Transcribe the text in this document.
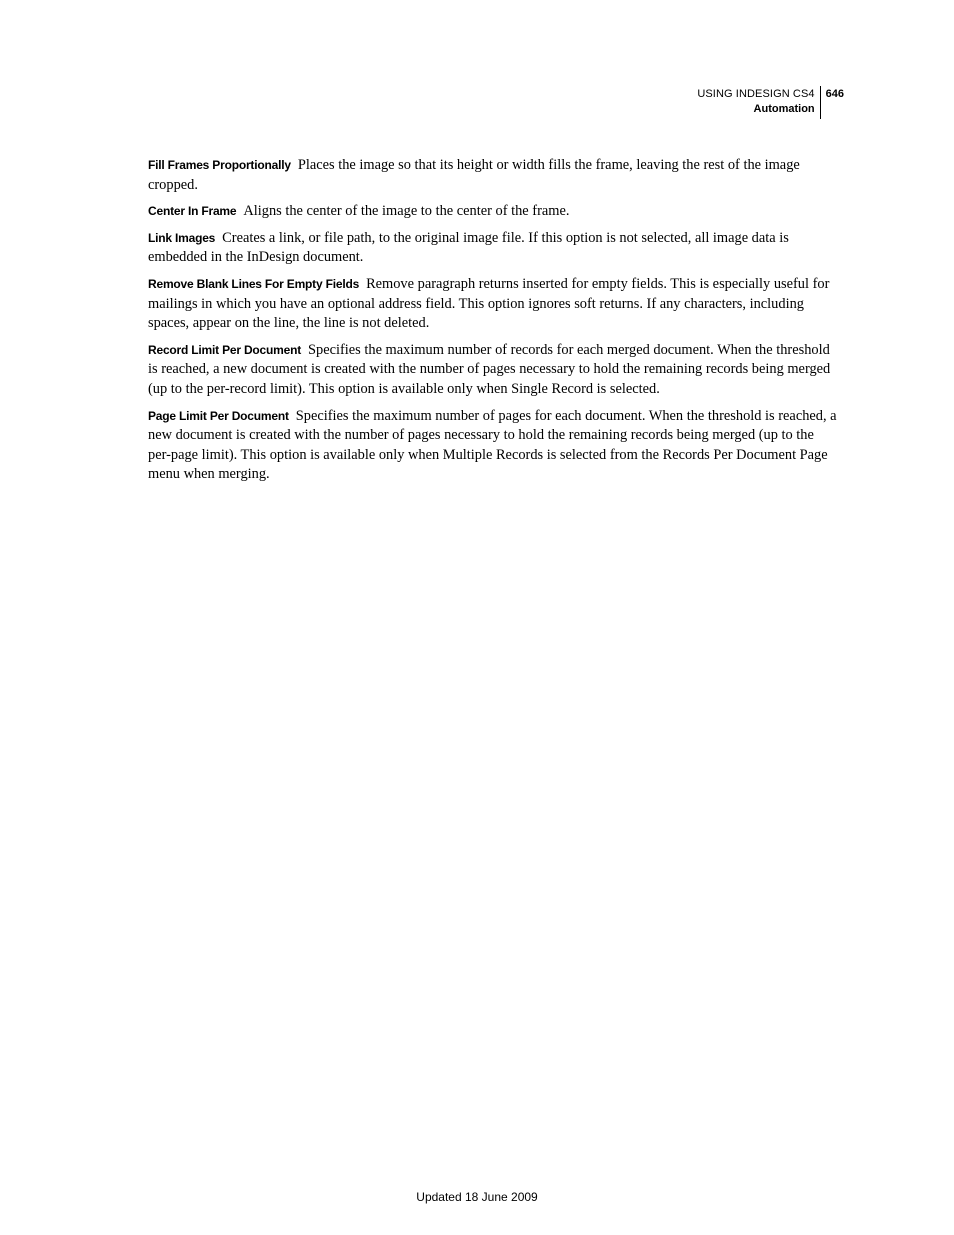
USING INDESIGN CS4
Automation
646

Fill Frames Proportionally Places the image so that its height or width fills the frame, leaving the rest of the image cropped.

Center In Frame Aligns the center of the image to the center of the frame.

Link Images Creates a link, or file path, to the original image file. If this option is not selected, all image data is embedded in the InDesign document.

Remove Blank Lines For Empty Fields Remove paragraph returns inserted for empty fields. This is especially useful for mailings in which you have an optional address field. This option ignores soft returns. If any characters, including spaces, appear on the line, the line is not deleted.

Record Limit Per Document Specifies the maximum number of records for each merged document. When the threshold is reached, a new document is created with the number of pages necessary to hold the remaining records being merged (up to the per-record limit). This option is available only when Single Record is selected.

Page Limit Per Document Specifies the maximum number of pages for each document. When the threshold is reached, a new document is created with the number of pages necessary to hold the remaining records being merged (up to the per-page limit). This option is available only when Multiple Records is selected from the Records Per Document Page menu when merging.

Updated 18 June 2009
